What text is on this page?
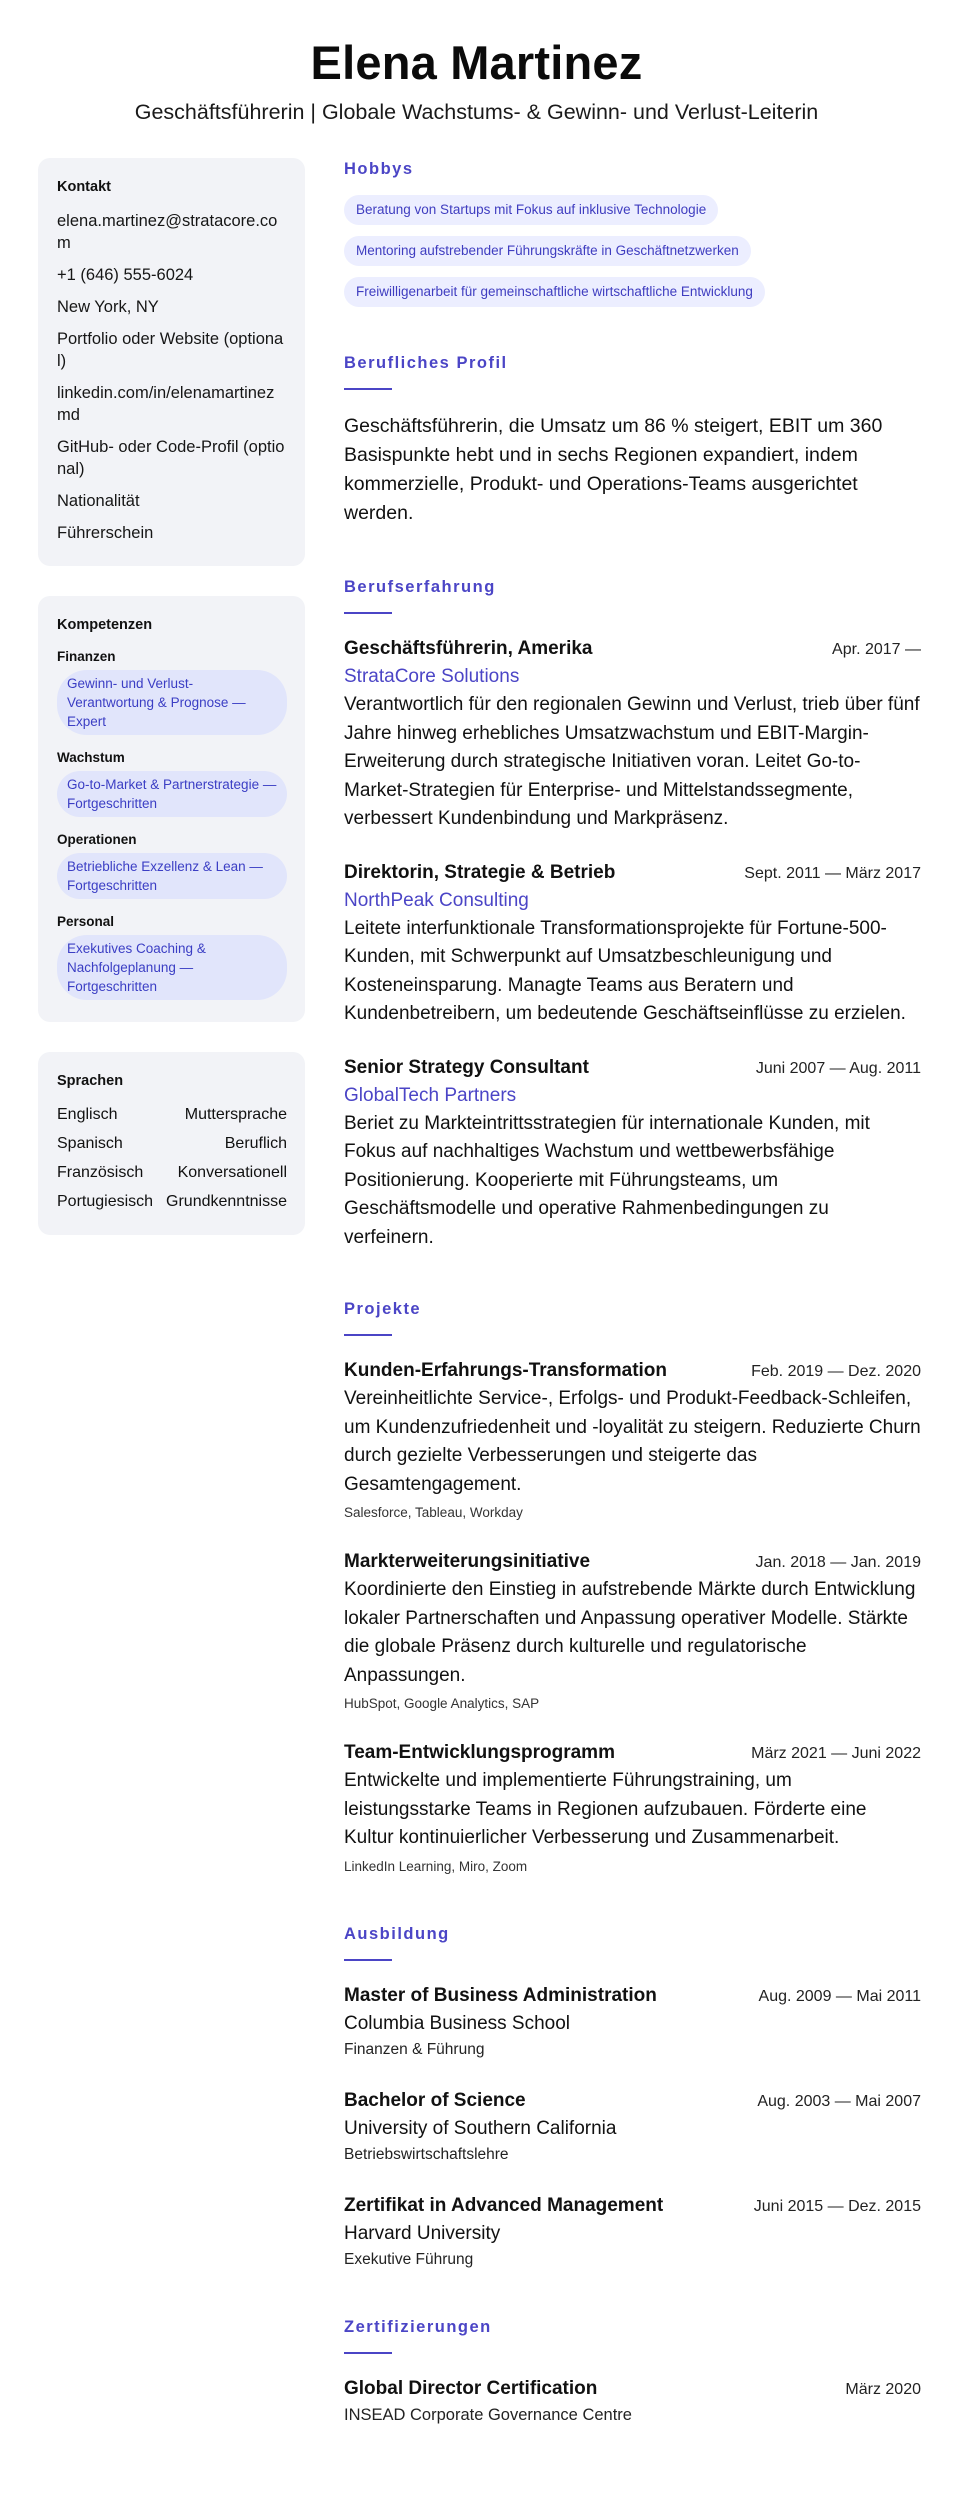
Elena Martinez
Geschäftsführerin | Globale Wachstums- & Gewinn- und Verlust-Leiterin
Kontakt
elena.martinez@stratacore.com
+1 (646) 555-6024
New York, NY
Portfolio oder Website (optional)
linkedin.com/in/elenamartinezmd
GitHub- oder Code-Profil (optional)
Nationalität
Führerschein
Kompetenzen
Finanzen
Gewinn- und Verlust-Verantwortung & Prognose — Expert
Wachstum
Go-to-Market & Partnerstrategie — Fortgeschritten
Operationen
Betriebliche Exzellenz & Lean — Fortgeschritten
Personal
Exekutives Coaching & Nachfolgeplanung — Fortgeschritten
Sprachen
Englisch	Muttersprache
Spanisch	Beruflich
Französisch Konversationell
Portugiesisch Grundkenntnisse
Hobbys
Beratung von Startups mit Fokus auf inklusive Technologie
Mentoring aufstrebender Führungskräfte in Geschäftnetzwerken
Freiwilligenarbeit für gemeinschaftliche wirtschaftliche Entwicklung
Berufliches Profil
Geschäftsführerin, die Umsatz um 86 % steigert, EBIT um 360 Basispunkte hebt und in sechs Regionen expandiert, indem kommerzielle, Produkt- und Operations-Teams ausgerichtet werden.
Berufserfahrung
Geschäftsführerin, Amerika	Apr. 2017 —
StrataCore Solutions
Verantwortlich für den regionalen Gewinn und Verlust, trieb über fünf Jahre hinweg erhebliches Umsatzwachstum und EBIT-Margin-Erweiterung durch strategische Initiativen voran. Leitet Go-to-Market-Strategien für Enterprise- und Mittelstandssegmente, verbessert Kundenbindung und Markpräsenz.
Direktorin, Strategie & Betrieb	Sept. 2011 — März 2017
NorthPeak Consulting
Leitete interfunktionale Transformationsprojekte für Fortune-500-Kunden, mit Schwerpunkt auf Umsatzbeschleunigung und Kosteneinsparung. Managte Teams aus Beratern und Kundenbetreibern, um bedeutende Geschäftseinflüsse zu erzielen.
Senior Strategy Consultant	Juni 2007 — Aug. 2011
GlobalTech Partners
Beriet zu Markteintrittsstrategien für internationale Kunden, mit Fokus auf nachhaltiges Wachstum und wettbewerbsfähige Positionierung. Kooperierte mit Führungsteams, um Geschäftsmodelle und operative Rahmenbedingungen zu verfeinern.
Projekte
Kunden-Erfahrungs-Transformation	Feb. 2019 — Dez. 2020
Vereinheitlichte Service-, Erfolgs- und Produkt-Feedback-Schleifen, um Kundenzufriedenheit und -loyalität zu steigern. Reduzierte Churn durch gezielte Verbesserungen und steigerte das Gesamtengagement.
Salesforce, Tableau, Workday
Markterweiterungsinitiative	Jan. 2018 — Jan. 2019
Koordinierte den Einstieg in aufstrebende Märkte durch Entwicklung lokaler Partnerschaften und Anpassung operativer Modelle. Stärkte die globale Präsenz durch kulturelle und regulatorische Anpassungen.
HubSpot, Google Analytics, SAP
Team-Entwicklungsprogramm	März 2021 — Juni 2022
Entwickelte und implementierte Führungstraining, um leistungsstarke Teams in Regionen aufzubauen. Förderte eine Kultur kontinuierlicher Verbesserung und Zusammenarbeit.
LinkedIn Learning, Miro, Zoom
Ausbildung
Master of Business Administration	Aug. 2009 — Mai 2011
Columbia Business School
Finanzen & Führung
Bachelor of Science	Aug. 2003 — Mai 2007
University of Southern California
Betriebswirtschaftslehre
Zertifikat in Advanced Management	Juni 2015 — Dez. 2015
Harvard University
Exekutive Führung
Zertifizierungen
Global Director Certification	März 2020
INSEAD Corporate Governance Centre
